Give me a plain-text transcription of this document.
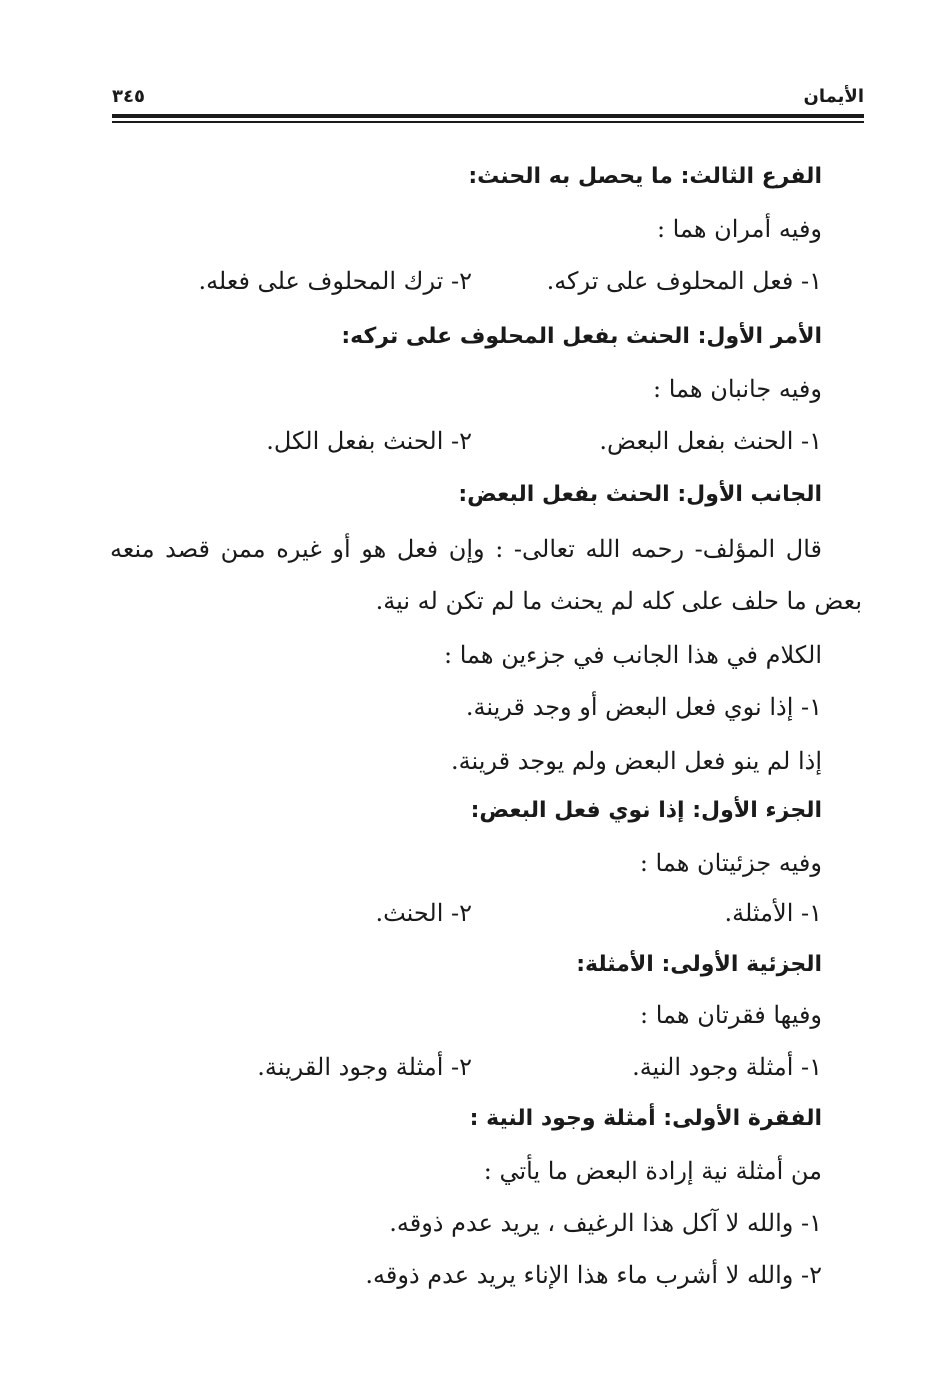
الأيمان
٣٤٥
الفرع الثالث: ما يحصل به الحنث:
وفيه أمران هما :
١- فعل المحلوف على تركه.
٢- ترك المحلوف على فعله.
الأمر الأول: الحنث بفعل المحلوف على تركه:
وفيه جانبان هما :
١- الحنث بفعل البعض.
٢- الحنث بفعل الكل.
الجانب الأول: الحنث بفعل البعض:
قال المؤلف- رحمه الله تعالى- : وإن فعل هو أو غيره ممن قصد منعه
بعض ما حلف على كله لم يحنث ما لم تكن له نية.
الكلام في هذا الجانب في جزءين هما :
١- إذا نوي فعل البعض أو وجد قرينة.
إذا لم ينو فعل البعض ولم يوجد قرينة.
الجزء الأول: إذا نوي فعل البعض:
وفيه جزئيتان هما :
١- الأمثلة.
٢- الحنث.
الجزئية الأولى: الأمثلة:
وفيها فقرتان هما :
١- أمثلة وجود النية.
٢- أمثلة وجود القرينة.
الفقرة الأولى: أمثلة وجود النية :
من أمثلة نية إرادة البعض ما يأتي :
١- والله لا آكل هذا الرغيف ، يريد عدم ذوقه.
٢- والله لا أشرب ماء هذا الإناء يريد عدم ذوقه.
